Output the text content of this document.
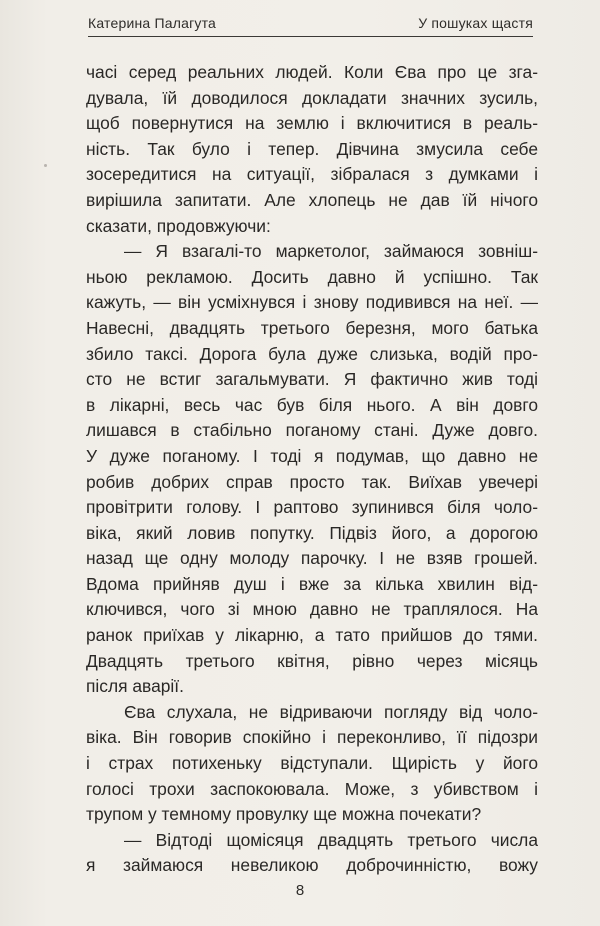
Катерина Палагута	У пошуках щастя
часі серед реальних людей. Коли Єва про це зга-
дувала, їй доводилося докладати значних зусиль,
щоб повернутися на землю і включитися в реаль-
ність. Так було і тепер. Дівчина змусила себе
зосередитися на ситуації, зібралася з думками і
вирішила запитати. Але хлопець не дав їй нічого
сказати, продовжуючи:
— Я взагалі-то маркетолог, займаюся зовніш-
ньою рекламою. Досить давно й успішно. Так
кажуть, — він усміхнувся і знову подивився на неї. —
Навесні, двадцять третього березня, мого батька
збило таксі. Дорога була дуже слизька, водій про-
сто не встиг загальмувати. Я фактично жив тоді
в лікарні, весь час був біля нього. А він довго
лишався в стабільно поганому стані. Дуже довго.
У дуже поганому. І тоді я подумав, що давно не
робив добрих справ просто так. Виїхав увечері
провітрити голову. І раптово зупинився біля чоло-
віка, який ловив попутку. Підвіз його, а дорогою
назад ще одну молоду парочку. І не взяв грошей.
Вдома прийняв душ і вже за кілька хвилин від-
ключився, чого зі мною давно не траплялося. На
ранок приїхав у лікарню, а тато прийшов до тями.
Двадцять третього квітня, рівно через місяць
після аварії.
Єва слухала, не відриваючи погляду від чоло-
віка. Він говорив спокійно і переконливо, її підозри
і страх потихеньку відступали. Щирість у його
голосі трохи заспокоювала. Може, з убивством і
трупом у темному провулку ще можна почекати?
— Відтоді щомісяця двадцять третього числа
я займаюся невеликою доброчинністю, вожу
8
